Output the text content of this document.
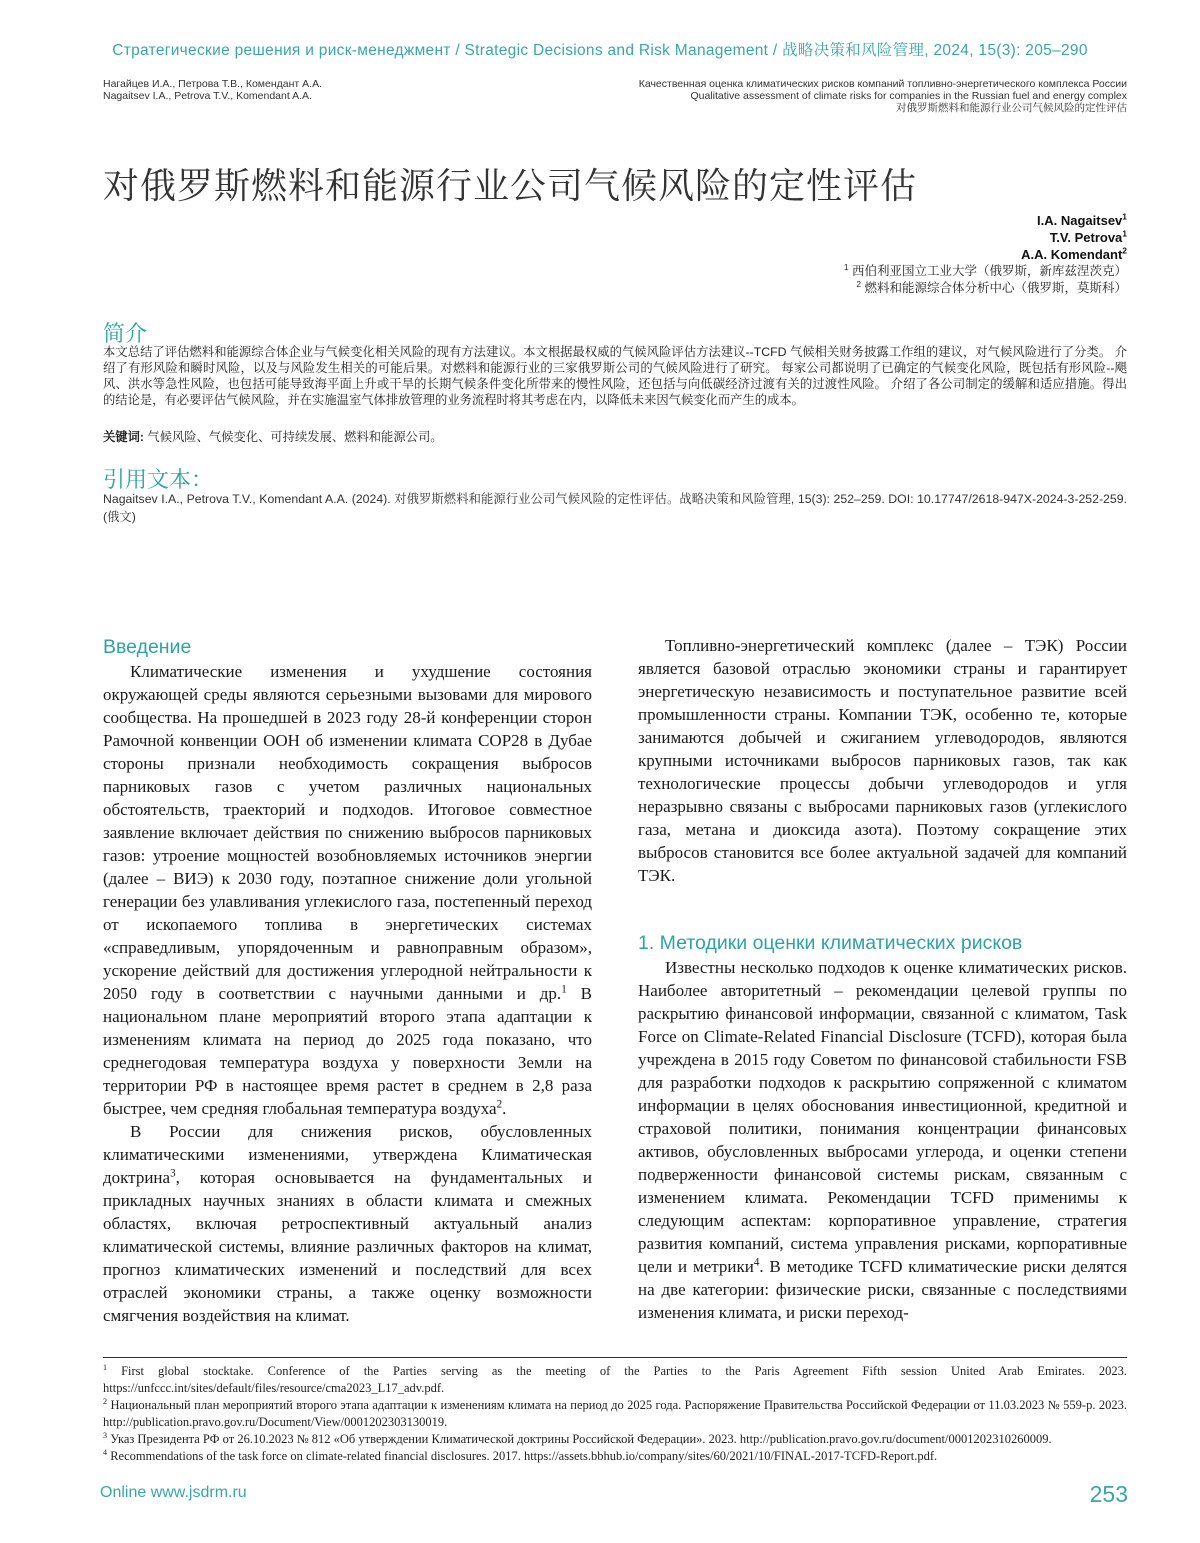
Стратегические решения и риск-менеджмент / Strategic Decisions and Risk Management / 战略决策和风险管理, 2024, 15(3): 205–290
Нагайцев И.А., Петрова Т.В., Комендант А.А.
Nagaitsev I.A., Petrova T.V., Komendant A.A.
Качественная оценка климатических рисков компаний топливно-энергетического комплекса России
Qualitative assessment of climate risks for companies in the Russian fuel and energy complex
对俄罗斯燃料和能源行业公司气候风险的定性评估
对俄罗斯燃料和能源行业公司气候风险的定性评估
I.A. Nagaitsev$^1$
T.V. Petrova$^1$
A.A. Komendant$^2$
$^1$ 西伯利亚国立工业大学（俄罗斯，新库兹涅茨克）
$^2$ 燃料和能源综合体分析中心（俄罗斯，莫斯科）
简介
本文总结了评估燃料和能源综合体企业与气候变化相关风险的现有方法建议。本文根据最权威的气候风险评估方法建议--TCFD 气候相关财务披露工作组的建议，对气候风险进行了分类。 介绍了有形风险和瞬时风险，以及与风险发生相关的可能后果。对燃料和能源行业的三家俄罗斯公司的气候风险进行了研究。 每家公司都说明了已确定的气候变化风险，既包括有形风险--飓风、洪水等急性风险，也包括可能导致海平面上升或干旱的长期气候条件变化所带来的慢性风险，还包括与向低碳经济过渡有关的过渡性风险。 介绍了各公司制定的缓解和适应措施。得出的结论是，有必要评估气候风险，并在实施温室气体排放管理的业务流程时将其考虑在内，以降低未来因气候变化而产生的成本。
关键词: 气候风险、气候变化、可持续发展、燃料和能源公司。
引用文本：
Nagaitsev I.A., Petrova T.V., Komendant A.A. (2024). 对俄罗斯燃料和能源行业公司气候风险的定性评估。战略决策和风险管理, 15(3): 252–259. DOI: 10.17747/2618-947X-2024-3-252-259. (俄文)
Введение

Климатические изменения и ухудшение состояния окружающей среды являются серьезными вызовами для мирового сообщества. На прошедшей в 2023 году 28-й конференции сторон Рамочной конвенции ООН об изменении климата COP28 в Дубае стороны признали необходимость сокращения выбросов парниковых газов с учетом различных национальных обстоятельств, траекторий и подходов. Итоговое совместное заявление включает действия по снижению выбросов парниковых газов: утроение мощностей возобновляемых источников энергии (далее – ВИЭ) к 2030 году, поэтапное снижение доли угольной генерации без улавливания углекислого газа, постепенный переход от ископаемого топлива в энергетических системах «справедливым, упорядоченным и равноправным образом», ускорение действий для достижения углеродной нейтральности к 2050 году в соответствии с научными данными и др.$^1$ В национальном плане мероприятий второго этапа адаптации к изменениям климата на период до 2025 года показано, что среднегодовая температура воздуха у поверхности Земли на территории РФ в настоящее время растет в среднем в 2,8 раза быстрее, чем средняя глобальная температура воздуха$^2$.

В России для снижения рисков, обусловленных климатическими изменениями, утверждена Климатическая доктрина$^3$, которая основывается на фундаментальных и прикладных научных знаниях в области климата и смежных областях, включая ретроспективный актуальный анализ климатической системы, влияние различных факторов на климат, прогноз климатических изменений и последствий для всех отраслей экономики страны, а также оценку возможности смягчения воздействия на климат.

Топливно-энергетический комплекс (далее – ТЭК) России является базовой отраслью экономики страны и гарантирует энергетическую независимость и поступательное развитие всей промышленности страны. Компании ТЭК, особенно те, которые занимаются добычей и сжиганием углеводородов, являются крупными источниками выбросов парниковых газов, так как технологические процессы добычи углеводородов и угля неразрывно связаны с выбросами парниковых газов (углекислого газа, метана и диоксида азота). Поэтому сокращение этих выбросов становится все более актуальной задачей для компаний ТЭК.

1. Методики оценки климатических рисков

Известны несколько подходов к оценке климатических рисков. Наиболее авторитетный – рекомендации целевой группы по раскрытию финансовой информации, связанной с климатом, Task Force on Climate-Related Financial Disclosure (TCFD), которая была учреждена в 2015 году Советом по финансовой стабильности FSB для разработки подходов к раскрытию сопряженной с климатом информации в целях обоснования инвестиционной, кредитной и страховой политики, понимания концентрации финансовых активов, обусловленных выбросами углерода, и оценки степени подверженности финансовой системы рискам, связанным с изменением климата. Рекомендации TCFD применимы к следующим аспектам: корпоративное управление, стратегия развития компаний, система управления рисками, корпоративные цели и метрики$^4$. В методике TCFD климатические риски делятся на две категории: физические риски, связанные с последствиями изменения климата, и риски переход-

$^1$ First global stocktake. Conference of the Parties serving as the meeting of the Parties to the Paris Agreement Fifth session United Arab Emirates. 2023. https://unfccc.int/sites/default/files/resource/cma2023_L17_adv.pdf.
$^2$ Национальный план мероприятий второго этапа адаптации к изменениям климата на период до 2025 года. Распоряжение Правительства Российской Федерации от 11.03.2023 № 559-р. 2023. http://publication.pravo.gov.ru/Document/View/0001202303130019.
$^3$ Указ Президента РФ от 26.10.2023 № 812 «Об утверждении Климатической доктрины Российской Федерации». 2023. http://publication.pravo.gov.ru/document/0001202310260009.
$^4$ Recommendations of the task force on climate-related financial disclosures. 2017. https://assets.bbhub.io/company/sites/60/2021/10/FINAL-2017-TCFD-Report.pdf.
Online www.jsdrm.ru	253
